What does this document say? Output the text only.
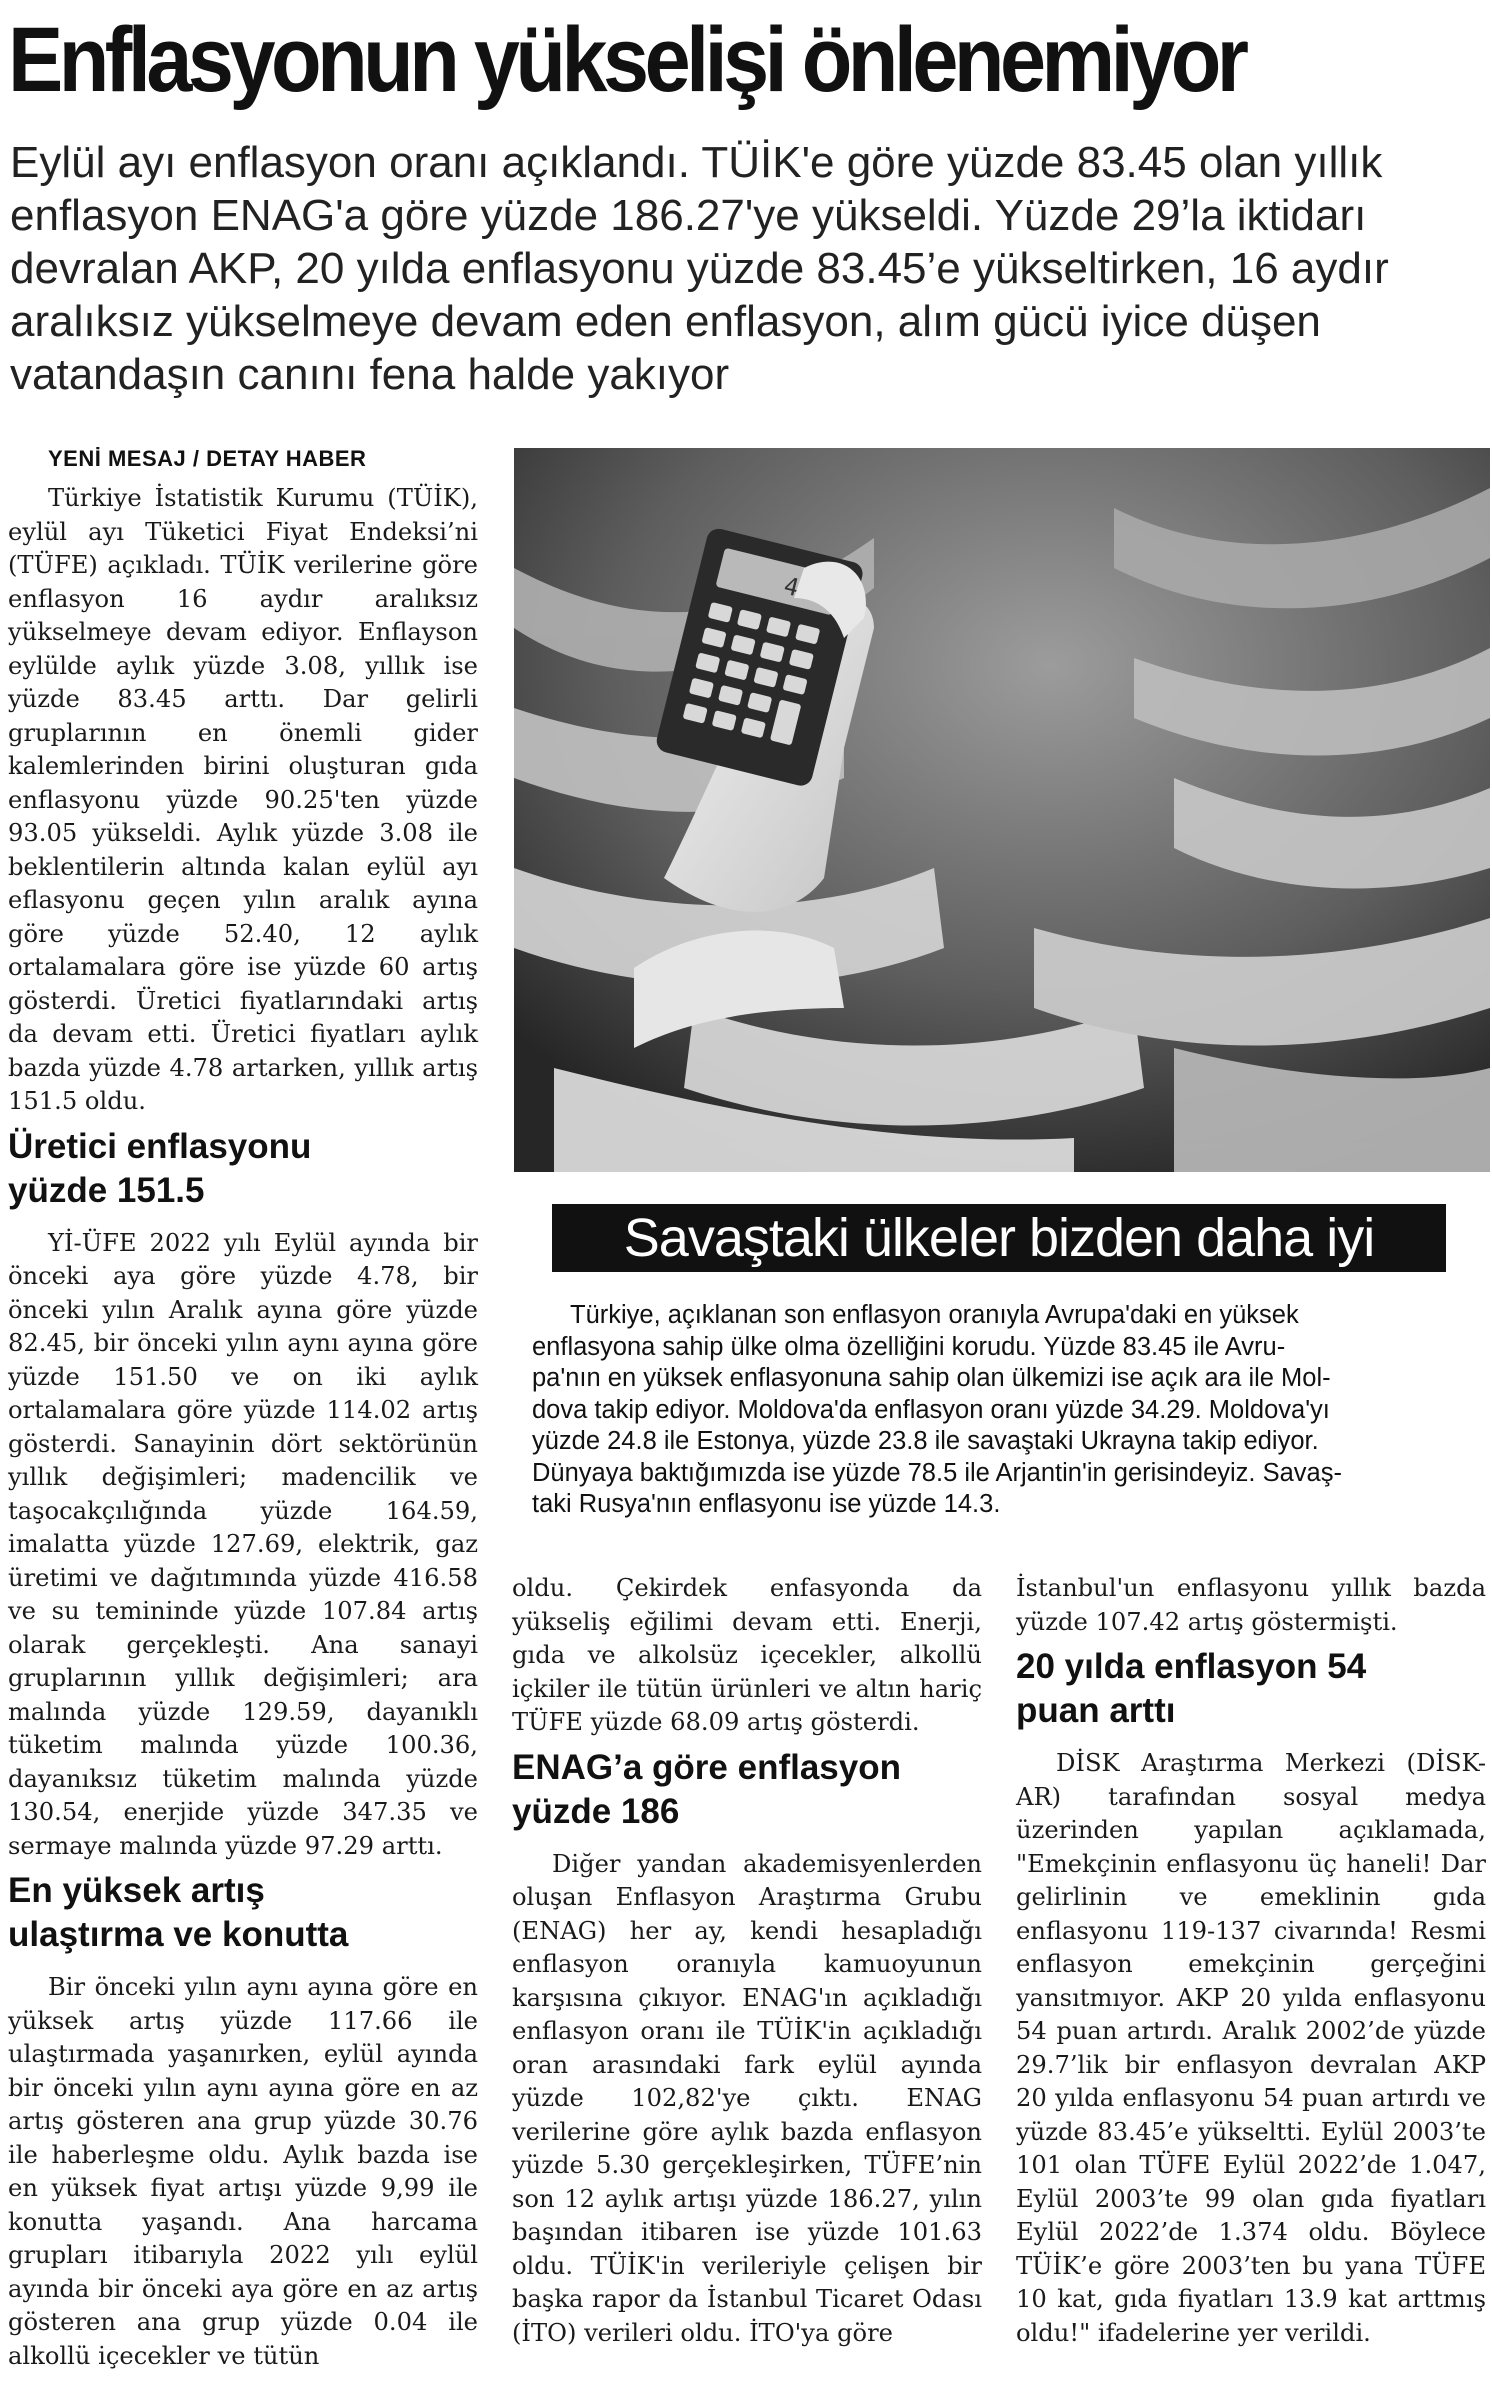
Enflasyonun yükselişi önlenemiyor
Eylül ayı enflasyon oranı açıklandı. TÜİK'e göre yüzde 83.45 olan yıllık enflasyon ENAG'a göre yüzde 186.27'ye yükseldi. Yüzde 29’la iktidarı devralan AKP, 20 yılda enflasyonu yüzde 83.45’e yükseltirken, 16 aydır aralıksız yükselmeye devam eden enflasyon, alım gücü iyice düşen vatandaşın canını fena halde yakıyor
YENİ MESAJ / DETAY HABER

Türkiye İstatistik Kurumu (TÜİK), eylül ayı Tüketici Fiyat Endeksi’ni (TÜFE) açıkladı. TÜİK verilerine göre enflasyon 16 aydır aralıksız yükselmeye devam ediyor. Enflayson eylülde aylık yüzde 3.08, yıllık ise yüzde 83.45 arttı. Dar gelirli gruplarının en önemli gider kalemlerinden birini oluşturan gıda enflasyonu yüzde 90.25'ten yüzde 93.05 yükseldi. Aylık yüzde 3.08 ile beklentilerin altında kalan eylül ayı eflasyonu geçen yılın aralık ayına göre yüzde 52.40, 12 aylık ortalamalara göre ise yüzde 60 artış gösterdi. Üretici fiyatlarındaki artış da devam etti. Üretici fiyatları aylık bazda yüzde 4.78 artarken, yıllık artış 151.5 oldu.

Üretici enflasyonu yüzde 151.5

Yİ-ÜFE 2022 yılı Eylül ayında bir önceki aya göre yüzde 4.78, bir önceki yılın Aralık ayına göre yüzde 82.45, bir önceki yılın aynı ayına göre yüzde 151.50 ve on iki aylık ortalamalara göre yüzde 114.02 artış gösterdi. Sanayinin dört sektörünün yıllık değişimleri; madencilik ve taşocakçılığında yüzde 164.59, imalatta yüzde 127.69, elektrik, gaz üretimi ve dağıtımında yüzde 416.58 ve su temininde yüzde 107.84 artış olarak gerçekleşti. Ana sanayi gruplarının yıllık değişimleri; ara malında yüzde 129.59, dayanıklı tüketim malında yüzde 100.36, dayanıksız tüketim malında yüzde 130.54, enerjide yüzde 347.35 ve sermaye malında yüzde 97.29 arttı.

En yüksek artış ulaştırma ve konutta

Bir önceki yılın aynı ayına göre en yüksek artış yüzde 117.66 ile ulaştırmada yaşanırken, eylül ayında bir önceki yılın aynı ayına göre en az artış gösteren ana grup yüzde 30.76 ile haberleşme oldu. Aylık bazda ise en yüksek fiyat artışı yüzde 9,99 ile konutta yaşandı. Ana harcama grupları itibarıyla 2022 yılı eylül ayında bir önceki aya göre en az artış gösteren ana grup yüzde 0.04 ile alkollü içecekler ve tütün

Savaştaki ülkeler bizden daha iyi
Türkiye, açıklanan son enflasyon oranıyla Avrupa'daki en yüksek
enflasyona sahip ülke olma özelliğini korudu. Yüzde 83.45 ile Avru-
pa'nın en yüksek enflasyonuna sahip olan ülkemizi ise açık ara ile Mol-
dova takip ediyor. Moldova'da enflasyon oranı yüzde 34.29. Moldova'yı
yüzde 24.8 ile Estonya, yüzde 23.8 ile savaştaki Ukrayna takip ediyor.
Dünyaya baktığımızda ise yüzde 78.5 ile Arjantin'in gerisindeyiz. Savaş-
taki Rusya'nın enflasyonu ise yüzde 14.3.

oldu. Çekirdek enfasyonda da yükseliş eğilimi devam etti. Enerji, gıda ve alkolsüz içecekler, alkollü içkiler ile tütün ürünleri ve altın hariç TÜFE yüzde 68.09 artış gösterdi.

ENAG’a göre enflasyon yüzde 186

Diğer yandan akademisyenlerden oluşan Enflasyon Araştırma Grubu (ENAG) her ay, kendi hesapladığı enflasyon oranıyla kamuoyunun karşısına çıkıyor. ENAG'ın açıkladığı enflasyon oranı ile TÜİK'in açıkladığı oran arasındaki fark eylül ayında yüzde 102,82'ye çıktı. ENAG verilerine göre aylık bazda enflasyon yüzde 5.30 gerçekleşirken, TÜFE’nin son 12 aylık artışı yüzde 186.27, yılın başından itibaren ise yüzde 101.63 oldu. TÜİK'in verileriyle çelişen bir başka rapor da İstanbul Ticaret Odası (İTO) verileri oldu. İTO'ya göre

İstanbul'un enflasyonu yıllık bazda yüzde 107.42 artış göstermişti.

20 yılda enflasyon 54 puan arttı

DİSK Araştırma Merkezi (DİSK-AR) tarafından sosyal medya üzerinden yapılan açıklamada, "Emekçinin enflasyonu üç haneli! Dar gelirlinin ve emeklinin gıda enflasyonu 119-137 civarında! Resmi enflasyon emekçinin gerçeğini yansıtmıyor. AKP 20 yılda enflasyonu 54 puan artırdı. Aralık 2002’de yüzde 29.7’lik bir enflasyon devralan AKP 20 yılda enflasyonu 54 puan artırdı ve yüzde 83.45’e yükseltti. Eylül 2003’te 101 olan TÜFE Eylül 2022’de 1.047, Eylül 2003’te 99 olan gıda fiyatları Eylül 2022’de 1.374 oldu. Böylece TÜİK’e göre 2003’ten bu yana TÜFE 10 kat, gıda fiyatları 13.9 kat arttmış oldu!" ifadelerine yer verildi.
